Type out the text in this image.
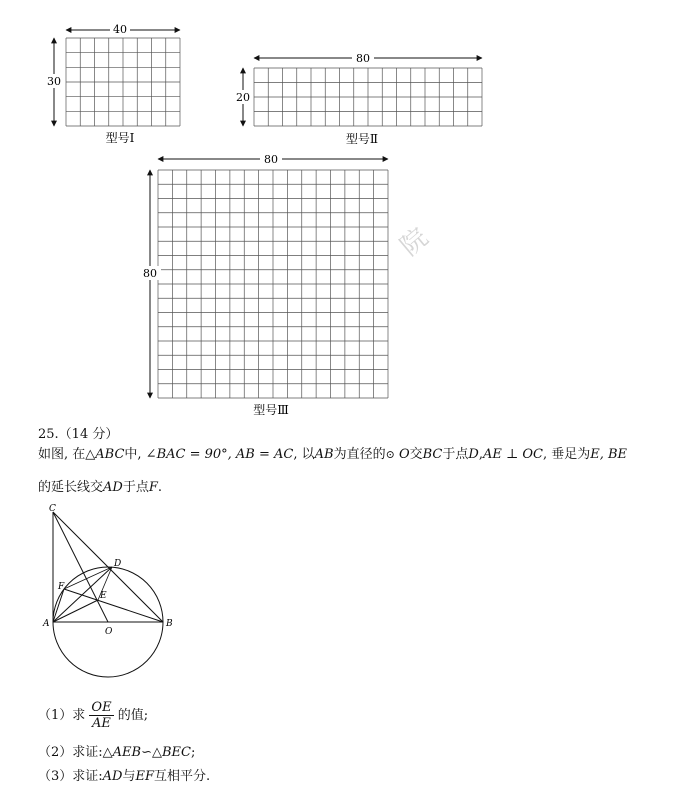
40
30
型号Ⅰ
80
20
型号Ⅱ
80
80
型号Ⅲ
院
25.（14 分）
如图, 在△ABC中, ∠BAC = 90°, AB = AC, 以AB为直径的⊙ O交BC于点D,AE ⊥ OC, 垂足为E, BE
的延长线交AD于点F.
C
D
F
E
A
O
B
（1）求 $\frac{OE}{AE}$ 的值;
（2）求证:△AEB∽△BEC;
（3）求证:AD与EF互相平分.
